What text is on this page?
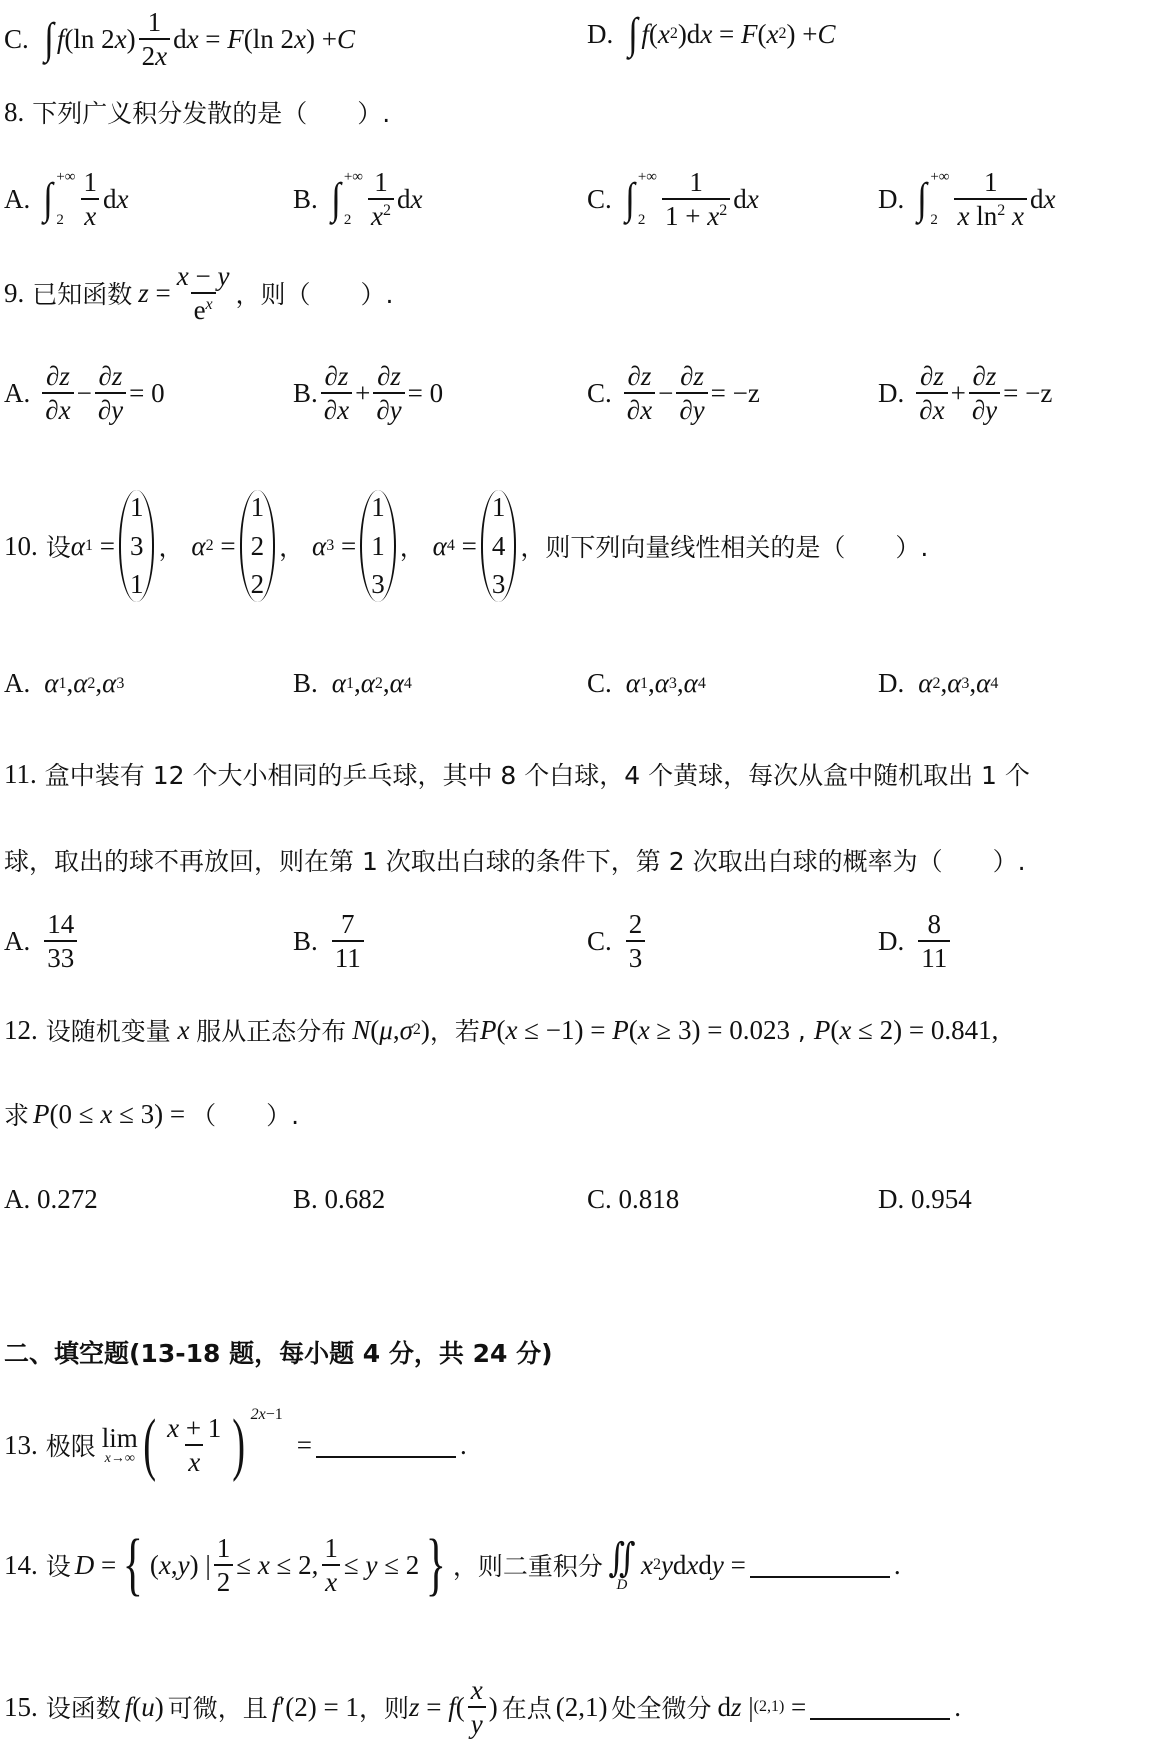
C. ∫ f (ln 2 x ) $\frac{1}{2x}$ d x = F (ln 2 x ) + C	D. ∫ f ( x 2 )d x = F ( x 2 ) + C
8. 下列广义积分发散的是（　　）.
A. ∫ +∞
$2 \frac{1}{x}$ d x	B. ∫ +∞
$2 \frac{1}{x^2}$ d x	C. ∫ +∞
$2 \frac{1}{1 + x^2}$ d x	D. ∫ +∞
$2 \frac{1}{x \ln^2 x}$ d x
9. 已知函数 $z = \frac{x - y}{e^x}$ ，则（　　）.
A. $\frac{\partial z}{\partial x} - \frac{\partial z}{\partial y} = 0$	B. $\frac{\partial z}{\partial x} + \frac{\partial z}{\partial y} = 0$	C. $\frac{\partial z}{\partial x} - \frac{\partial z}{\partial y} = -z$	D. $\frac{\partial z}{\partial x} + \frac{\partial z}{\partial y} = -z$
10. 设 α 1 =
1
3
1
， α 2 =
1
2
2
， α 3 =
1
1
3
， α 4 =
1
4
3
，则下列向量线性相关的是（　　）.
A. α 1 , α 2 , α 3	B. α 1 , α 2 , α 4	C. α 1 , α 3 , α 4	D. α 2 , α 3 , α 4
11. 盒中装有 12 个大小相同的乒乓球，其中 8 个白球，4 个黄球，每次从盒中随机取出 1 个
球，取出的球不再放回，则在第 1 次取出白球的条件下，第 2 次取出白球的概率为（　　）.
A. $\frac{14}{33}$	B. $\frac{7}{11}$	C. $\frac{2}{3}$	D. $\frac{8}{11}$
12. 设随机变量 x 服从正态分布 N ( μ , σ 2 ) ，若 P ( x ≤ −1) = P ( x ≥ 3) = 0.023 , P ( x ≤ 2) = 0.841,
求 P (0 ≤ x ≤ 3) = （　　）.
A.
0.272	B.
0.682	C.
0.818	D.
0.954
二、填空题(13-18 题，每小题 4 分，共 24 分)
13. 极限 lim
x→∞ ( $\frac{x + 1}{x}$ ) 2x−1
=	.
14. 设 D = { ( x , y ) | $\frac{1}{2} \le x \le 2$, $\frac{1}{x} \le y \le 2$ } ，则二重积分 ∬
D
x 2 y d x d y =	.
15. 设函数 f ( u ) 可微，且 f ′(2) = 1 ，则 z = f ( $\frac{x}{y}$ ) 在点 (2,1) 处全微分 d z | (2,1) =	.
